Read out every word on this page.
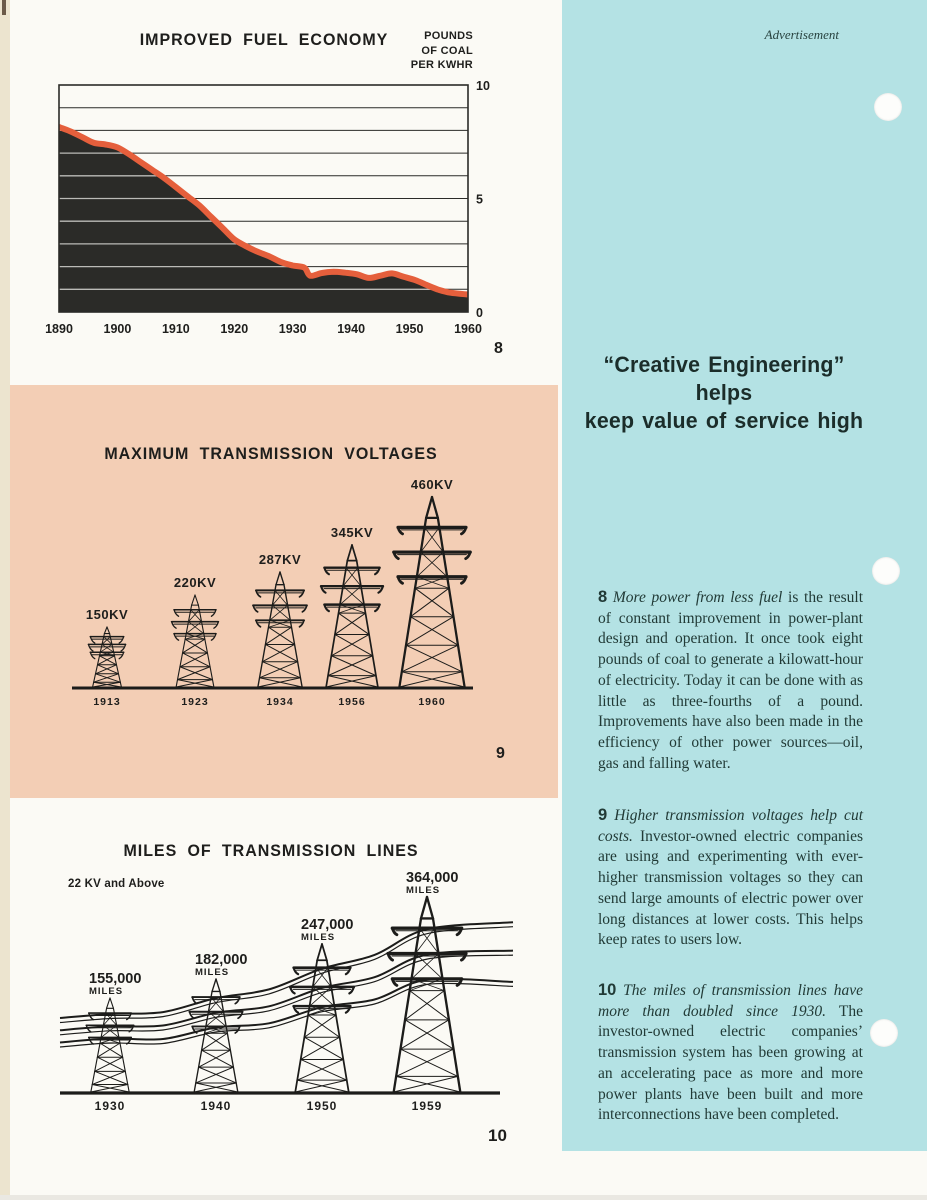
IMPROVED FUEL ECONOMY	POUNDS
OF COAL
PER KWHR
10
5
0
1890 1900 1910 1920 1930 1940 1950 1960
8
MAXIMUM TRANSMISSION VOLTAGES
150KV
1913
220KV
1923
287KV
1934
345KV
1956
460KV
1960
9
MILES OF TRANSMISSION LINES
22 KV and Above
155,000
MILES
1930
182,000
MILES
1940
247,000
MILES
1950
364,000
MILES
1959
10
Advertisement
“Creative Engineering” helps
keep value of service high

8 More power from less fuel is the result of constant improvement in power-plant design and operation. It once took eight pounds of coal to generate a kilowatt-hour of electricity. Today it can be done with as little as three-fourths of a pound. Improvements have also been made in the efficiency of other power sources—oil, gas and falling water.

9 Higher transmission voltages help cut costs. Investor-owned electric companies are using and experimenting with ever-higher transmission voltages so they can send large amounts of electric power over long distances at lower costs. This helps keep rates to users low.

10 The miles of transmission lines have more than doubled since 1930. The investor-owned electric companies’ transmission system has been growing at an accelerating pace as more and more power plants have been built and more interconnections have been completed.
